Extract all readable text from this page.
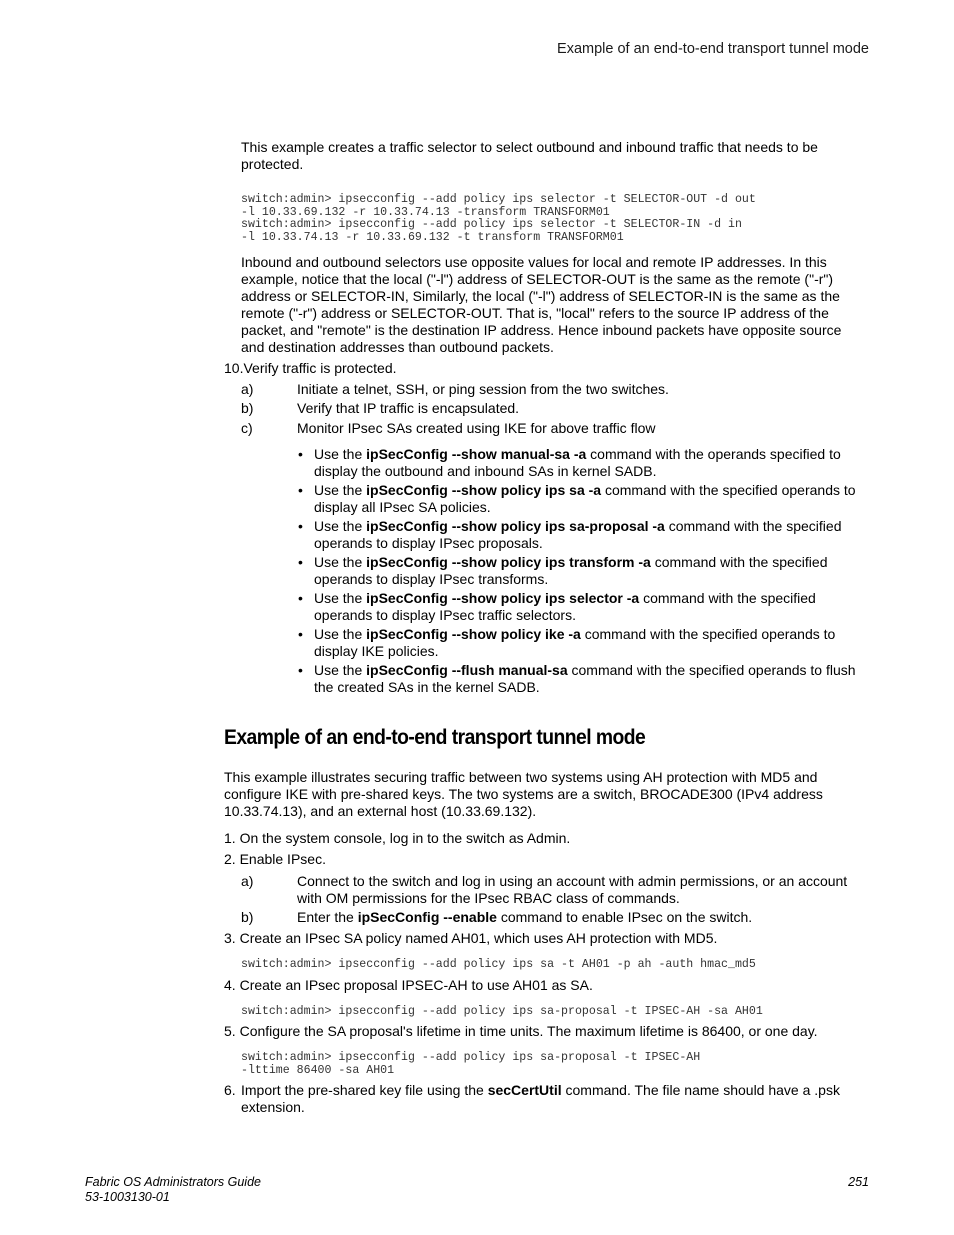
Example of an end-to-end transport tunnel mode
This example creates a traffic selector to select outbound and inbound traffic that needs to be protected.
switch:admin> ipsecconfig --add policy ips selector -t SELECTOR-OUT -d out
-l 10.33.69.132 -r 10.33.74.13 -transform TRANSFORM01
switch:admin> ipsecconfig --add policy ips selector -t SELECTOR-IN -d in
-l 10.33.74.13 -r 10.33.69.132 -t transform TRANSFORM01
Inbound and outbound selectors use opposite values for local and remote IP addresses. In this example, notice that the local ("-l") address of SELECTOR-OUT is the same as the remote ("-r") address or SELECTOR-IN, Similarly, the local ("-l") address of SELECTOR-IN is the same as the remote ("-r") address or SELECTOR-OUT. That is, "local" refers to the source IP address of the packet, and "remote" is the destination IP address. Hence inbound packets have opposite source and destination addresses than outbound packets.
10.Verify traffic is protected.
a)	Initiate a telnet, SSH, or ping session from the two switches.
b)	Verify that IP traffic is encapsulated.
c)	Monitor IPsec SAs created using IKE for above traffic flow
• Use the ipSecConfig --show manual-sa -a command with the operands specified to display the outbound and inbound SAs in kernel SADB.
• Use the ipSecConfig --show policy ips sa -a command with the specified operands to display all IPsec SA policies.
• Use the ipSecConfig --show policy ips sa-proposal -a command with the specified operands to display IPsec proposals.
• Use the ipSecConfig --show policy ips transform -a command with the specified operands to display IPsec transforms.
• Use the ipSecConfig --show policy ips selector -a command with the specified operands to display IPsec traffic selectors.
• Use the ipSecConfig --show policy ike -a command with the specified operands to display IKE policies.
• Use the ipSecConfig --flush manual-sa command with the specified operands to flush the created SAs in the kernel SADB.
Example of an end-to-end transport tunnel mode
This example illustrates securing traffic between two systems using AH protection with MD5 and configure IKE with pre-shared keys. The two systems are a switch, BROCADE300 (IPv4 address 10.33.74.13), and an external host (10.33.69.132).
1. On the system console, log in to the switch as Admin.
2. Enable IPsec.
a)	Connect to the switch and log in using an account with admin permissions, or an account with OM permissions for the IPsec RBAC class of commands.
b)	Enter the ipSecConfig --enable command to enable IPsec on the switch.
3. Create an IPsec SA policy named AH01, which uses AH protection with MD5.
switch:admin> ipsecconfig --add policy ips sa -t AH01 -p ah -auth hmac_md5
4. Create an IPsec proposal IPSEC-AH to use AH01 as SA.
switch:admin> ipsecconfig --add policy ips sa-proposal -t IPSEC-AH -sa AH01
5. Configure the SA proposal's lifetime in time units. The maximum lifetime is 86400, or one day.
switch:admin> ipsecconfig --add policy ips sa-proposal -t IPSEC-AH
-lttime 86400 -sa AH01
6. Import the pre-shared key file using the secCertUtil command. The file name should have a .psk extension.
Fabric OS Administrators Guide
53-1003130-01
251
